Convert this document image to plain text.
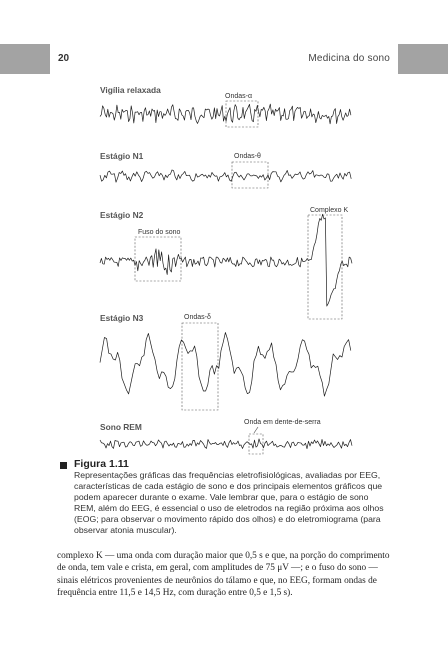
20	Medicina do sono
Vigília relaxada
Ondas-α
Estágio N1	Ondas-θ
Estágio N2
Fuso do sono
Complexo K
Estágio N3	Ondas-δ
Sono REM	Onda em dente-de-serra
Figura 1.11
Representações gráficas das frequências eletrofisiológicas, avaliadas por EEG, características de cada estágio de sono e dos principais elementos gráficos que podem aparecer durante o exame. Vale lembrar que, para o estágio de sono REM, além do EEG, é essencial o uso de eletrodos na região próxima aos olhos (EOG; para observar o movimento rápido dos olhos) e do eletromiograma (para observar atonia muscular).
complexo K — uma onda com duração maior que 0,5 s e que, na porção do comprimento de onda, tem vale e crista, em geral, com amplitudes de 75 μV —; e o fuso do sono — sinais elétricos provenientes de neurônios do tálamo e que, no EEG, formam ondas de frequência entre 11,5 e 14,5 Hz, com duração entre 0,5 e 1,5 s).
